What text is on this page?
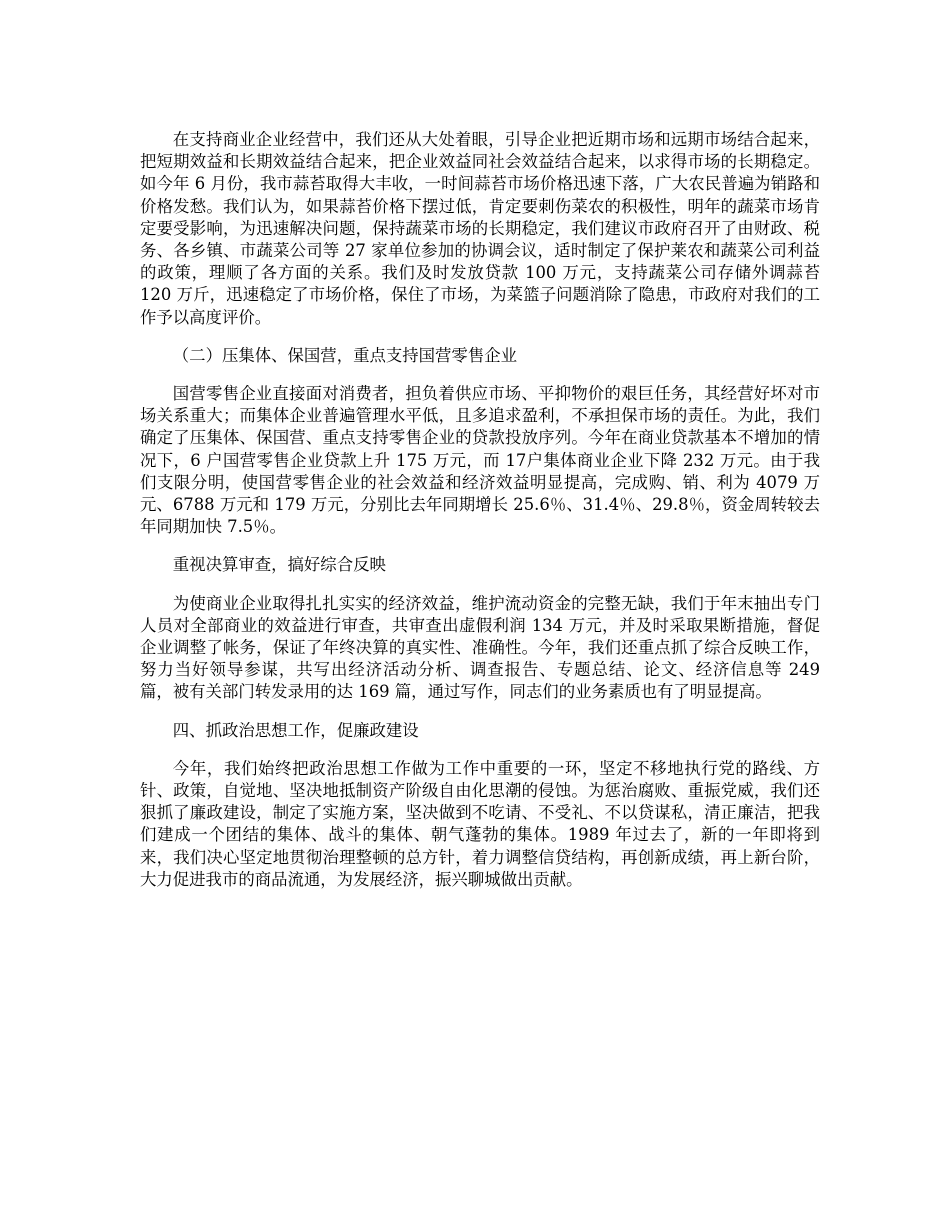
在支持商业企业经营中，我们还从大处着眼，引导企业把近期市场和远期市场结合起来，把短期效益和长期效益结合起来，把企业效益同社会效益结合起来，以求得市场的长期稳定。如今年 6 月份，我市蒜苔取得大丰收，一时间蒜苔市场价格迅速下落，广大农民普遍为销路和价格发愁。我们认为，如果蒜苔价格下摆过低，肯定要刺伤菜农的积极性，明年的蔬菜市场肯定要受影响，为迅速解决问题，保持蔬菜市场的长期稳定，我们建议市政府召开了由财政、税务、各乡镇、市蔬菜公司等 27 家单位参加的协调会议，适时制定了保护莱农和蔬菜公司利益的政策，理顺了各方面的关系。我们及时发放贷款 100 万元，支持蔬菜公司存储外调蒜苔 120 万斤，迅速稳定了市场价格，保住了市场，为菜篮子问题消除了隐患，市政府对我们的工作予以高度评价。

（二）压集体、保国营，重点支持国营零售企业

国营零售企业直接面对消费者，担负着供应市场、平抑物价的艰巨任务，其经营好坏对市场关系重大；而集体企业普遍管理水平低，且多追求盈利，不承担保市场的责任。为此，我们确定了压集体、保国营、重点支持零售企业的贷款投放序列。今年在商业贷款基本不增加的情况下，6 户国营零售企业贷款上升 175 万元，而 17户集体商业企业下降 232 万元。由于我们支限分明，使国营零售企业的社会效益和经济效益明显提高，完成购、销、利为 4079 万元、6788 万元和 179 万元，分别比去年同期增长 25.6％、31.4％、29.8％，资金周转较去年同期加快 7.5％。

重视决算审查，搞好综合反映

为使商业企业取得扎扎实实的经济效益，维护流动资金的完整无缺，我们于年末抽出专门人员对全部商业的效益进行审查，共审查出虚假利润 134 万元，并及时采取果断措施，督促企业调整了帐务，保证了年终决算的真实性、准确性。今年，我们还重点抓了综合反映工作，努力当好领导参谋，共写出经济活动分析、调查报告、专题总结、论文、经济信息等 249 篇，被有关部门转发录用的达 169 篇，通过写作，同志们的业务素质也有了明显提高。

四、抓政治思想工作，促廉政建设

今年，我们始终把政治思想工作做为工作中重要的一环，坚定不移地执行党的路线、方针、政策，自觉地、坚决地抵制资产阶级自由化思潮的侵蚀。为惩治腐败、重振党威，我们还狠抓了廉政建设，制定了实施方案，坚决做到不吃请、不受礼、不以贷谋私，清正廉洁，把我们建成一个团结的集体、战斗的集体、朝气蓬勃的集体。1989 年过去了，新的一年即将到来，我们决心坚定地贯彻治理整顿的总方针，着力调整信贷结构，再创新成绩，再上新台阶，大力促进我市的商品流通，为发展经济，振兴聊城做出贡献。
